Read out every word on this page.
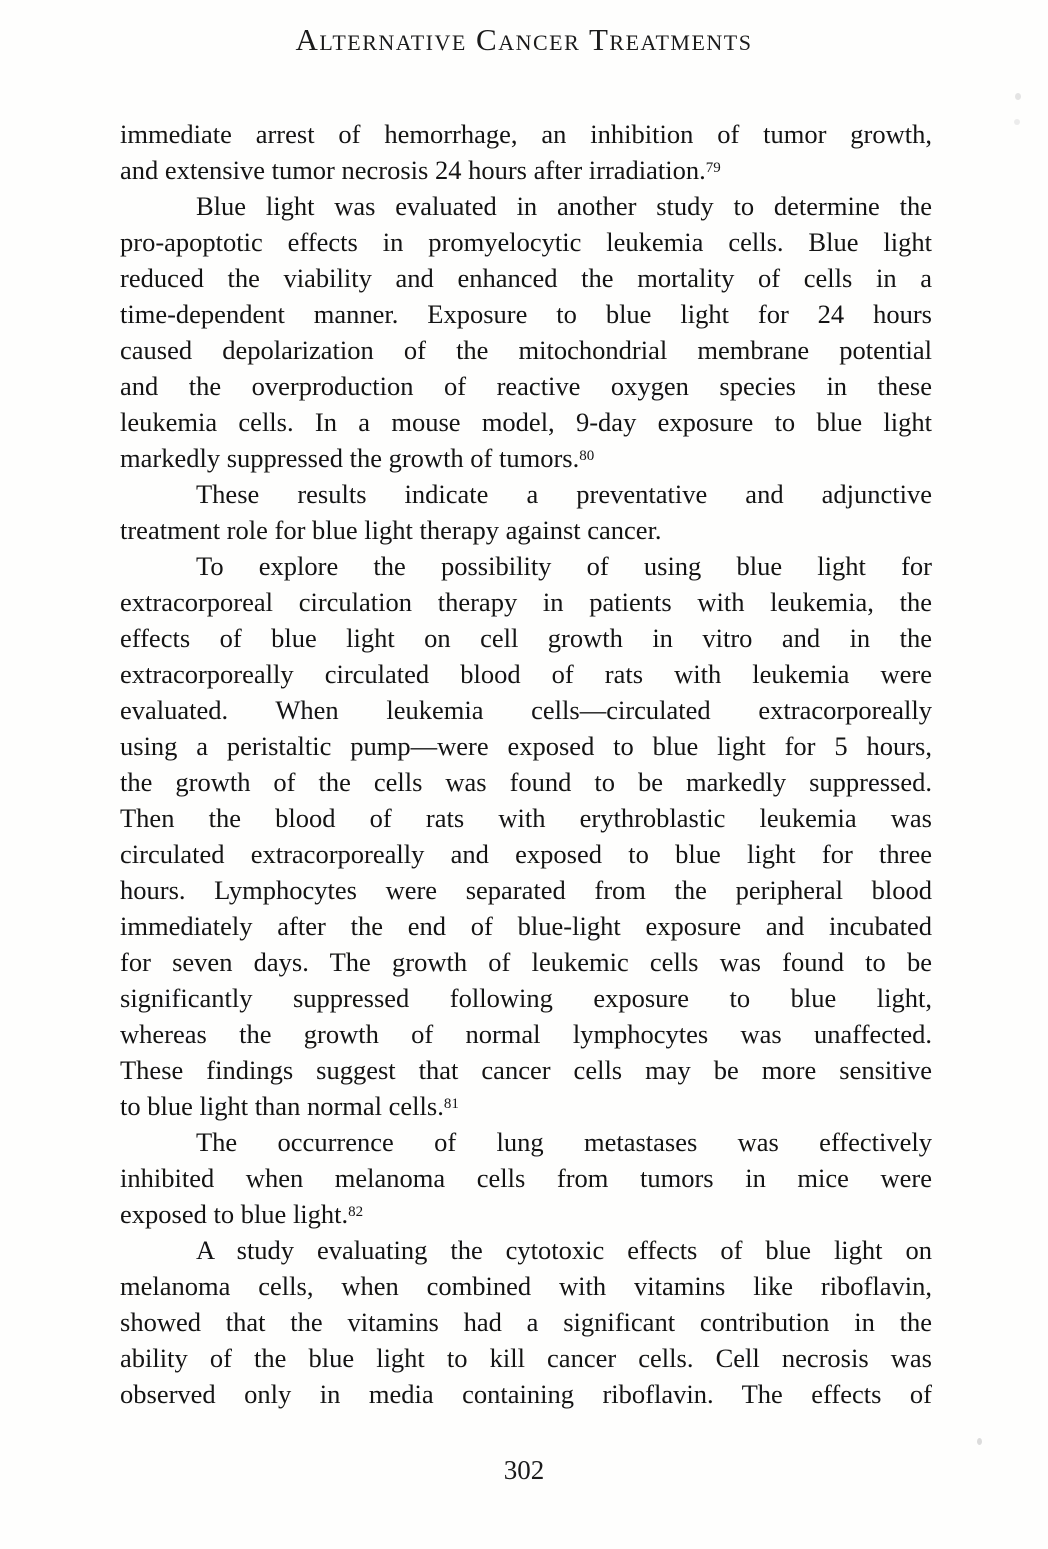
Alternative Cancer Treatments
immediate arrest of hemorrhage, an inhibition of tumor growth,
and extensive tumor necrosis 24 hours after irradiation.$^{79}$
Blue light was evaluated in another study to determine the
pro-apoptotic effects in promyelocytic leukemia cells. Blue light
reduced the viability and enhanced the mortality of cells in a
time-dependent manner. Exposure to blue light for 24 hours
caused depolarization of the mitochondrial membrane potential
and the overproduction of reactive oxygen species in these
leukemia cells. In a mouse model, 9-day exposure to blue light
markedly suppressed the growth of tumors.$^{80}$
These results indicate a preventative and adjunctive
treatment role for blue light therapy against cancer.
To explore the possibility of using blue light for
extracorporeal circulation therapy in patients with leukemia, the
effects of blue light on cell growth in vitro and in the
extracorporeally circulated blood of rats with leukemia were
evaluated. When leukemia cells—circulated extracorporeally
using a peristaltic pump—were exposed to blue light for 5 hours,
the growth of the cells was found to be markedly suppressed.
Then the blood of rats with erythroblastic leukemia was
circulated extracorporeally and exposed to blue light for three
hours. Lymphocytes were separated from the peripheral blood
immediately after the end of blue-light exposure and incubated
for seven days. The growth of leukemic cells was found to be
significantly suppressed following exposure to blue light,
whereas the growth of normal lymphocytes was unaffected.
These findings suggest that cancer cells may be more sensitive
to blue light than normal cells.$^{81}$
The occurrence of lung metastases was effectively
inhibited when melanoma cells from tumors in mice were
exposed to blue light.$^{82}$
A study evaluating the cytotoxic effects of blue light on
melanoma cells, when combined with vitamins like riboflavin,
showed that the vitamins had a significant contribution in the
ability of the blue light to kill cancer cells. Cell necrosis was
observed only in media containing riboflavin. The effects of
302
